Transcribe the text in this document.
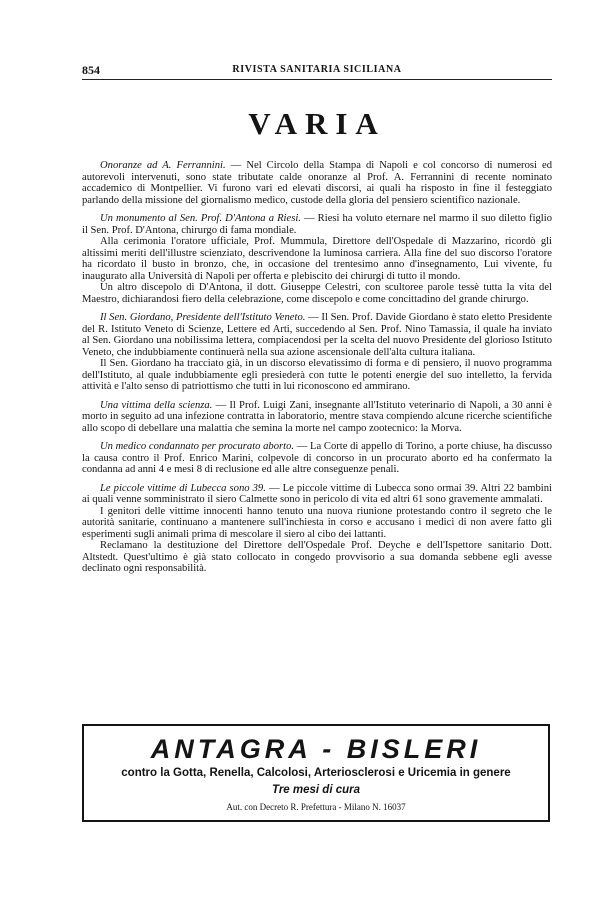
854	RIVISTA SANITARIA SICILIANA
VARIA

Onoranze ad A. Ferrannini. — Nel Circolo della Stampa di Napoli e col concorso di numerosi ed autorevoli intervenuti, sono state tributate calde onoranze al Prof. A. Ferrannini di recente nominato accademico di Montpellier. Vi furono vari ed elevati discorsi, ai quali ha risposto in fine il festeggiato parlando della missione del giornalismo medico, custode della gloria del pensiero scientifico nazionale.

Un monumento al Sen. Prof. D'Antona a Riesi. — Riesi ha voluto eternare nel marmo il suo diletto figlio il Sen. Prof. D'Antona, chirurgo di fama mondiale.

Alla cerimonia l'oratore ufficiale, Prof. Mummula, Direttore dell'Ospedale di Mazzarino, ricordò gli altissimi meriti dell'illustre scienziato, descrivendone la luminosa carriera. Alla fine del suo discorso l'oratore ha ricordato il busto in bronzo, che, in occasione del trentesimo anno d'insegnamento, Lui vivente, fu inaugurato alla Università di Napoli per offerta e plebiscito dei chirurgi di tutto il mondo.

Un altro discepolo di D'Antona, il dott. Giuseppe Celestri, con scultoree parole tessè tutta la vita del Maestro, dichiarandosi fiero della celebrazione, come discepolo e come concittadino del grande chirurgo.

Il Sen. Giordano, Presidente dell'Istituto Veneto. — Il Sen. Prof. Davide Giordano è stato eletto Presidente del R. Istituto Veneto di Scienze, Lettere ed Arti, succedendo al Sen. Prof. Nino Tamassia, il quale ha inviato al Sen. Giordano una nobilissima lettera, compiacendosi per la scelta del nuovo Presidente del glorioso Istituto Veneto, che indubbiamente continuerà nella sua azione ascensionale dell'alta cultura italiana.

Il Sen. Giordano ha tracciato già, in un discorso elevatissimo di forma e di pensiero, il nuovo programma dell'Istituto, al quale indubbiamente egli presiederà con tutte le potenti energie del suo intelletto, la fervida attività e l'alto senso di patriottismo che tutti in lui riconoscono ed ammirano.

Una vittima della scienza. — Il Prof. Luigi Zani, insegnante all'Istituto veterinario di Napoli, a 30 anni è morto in seguito ad una infezione contratta in laboratorio, mentre stava compiendo alcune ricerche scientifiche allo scopo di debellare una malattia che semina la morte nel campo zootecnico: la Morva.

Un medico condannato per procurato aborto. — La Corte di appello di Torino, a porte chiuse, ha discusso la causa contro il Prof. Enrico Marini, colpevole di concorso in un procurato aborto ed ha confermato la condanna ad anni 4 e mesi 8 di reclusione ed alle altre conseguenze penali.

Le piccole vittime di Lubecca sono 39. — Le piccole vittime di Lubecca sono ormai 39. Altri 22 bambini ai quali venne somministrato il siero Calmette sono in pericolo di vita ed altri 61 sono gravemente ammalati.

I genitori delle vittime innocenti hanno tenuto una nuova riunione protestando contro il segreto che le autorità sanitarie, continuano a mantenere sull'inchiesta in corso e accusano i medici di non avere fatto gli esperimenti sugli animali prima di mescolare il siero al cibo dei lattanti.

Reclamano la destituzione del Direttore dell'Ospedale Prof. Deyche e dell'Ispettore sanitario Dott. Altstedt. Quest'ultimo è già stato collocato in congedo provvisorio a sua domanda sebbene egli avesse declinato ogni responsabilità.

ANTAGRA - BISLERI
contro la Gotta, Renella, Calcolosi, Arteriosclerosi e Uricemia in genere
Tre mesi di cura
Aut. con Decreto R. Prefettura - Milano N. 16037
